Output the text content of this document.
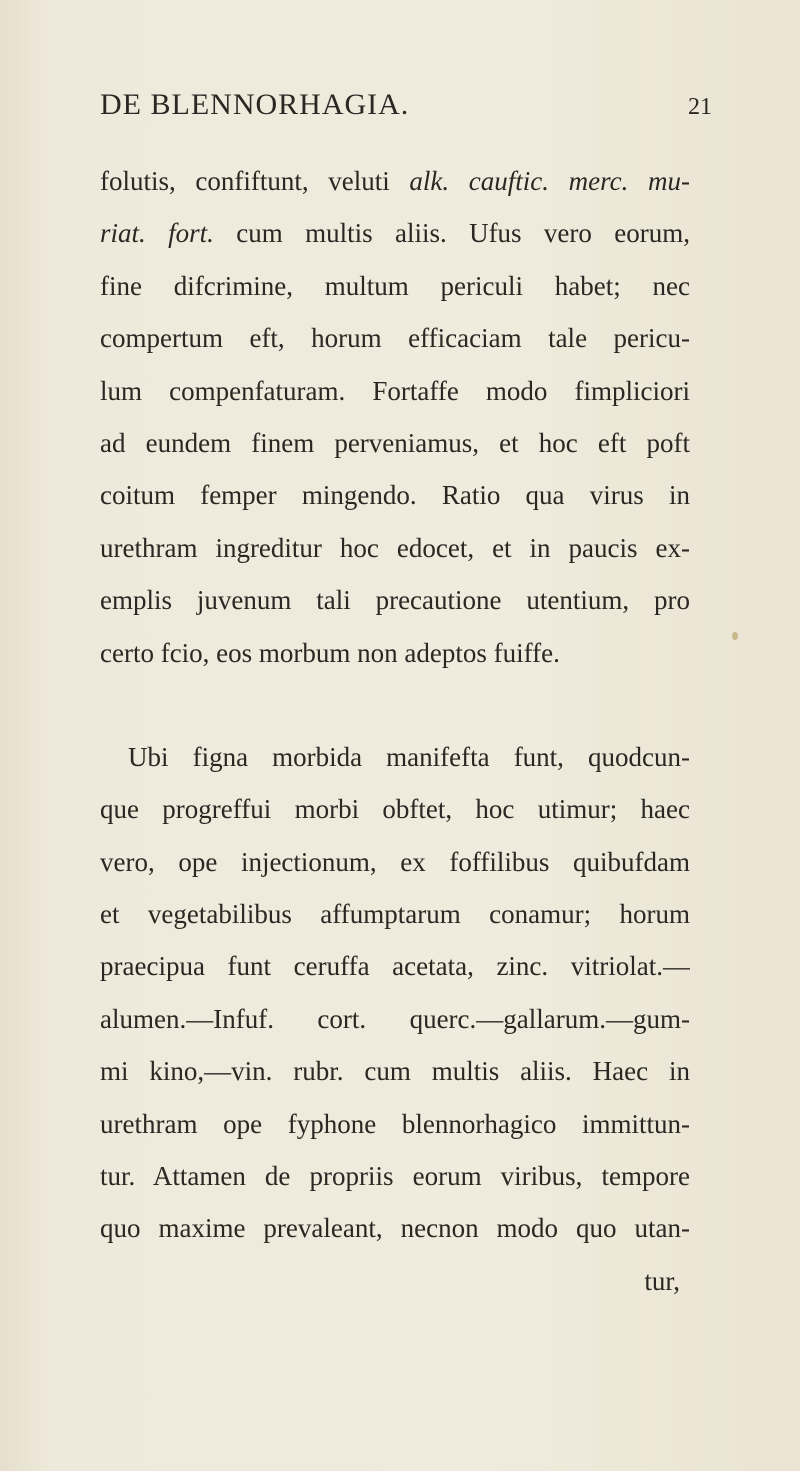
DE BLENNORHAGIA.	21
folutis, confiftunt, veluti alk. cauftic. merc. mu-
riat. fort. cum multis aliis. Ufus vero eorum,
fine difcrimine, multum periculi habet; nec
compertum eft, horum efficaciam tale pericu-
lum compenfaturam. Fortaffe modo fimpliciori
ad eundem finem perveniamus, et hoc eft poft
coitum femper mingendo. Ratio qua virus in
urethram ingreditur hoc edocet, et in paucis ex-
emplis juvenum tali precautione utentium, pro
certo fcio, eos morbum non adeptos fuiffe.
Ubi figna morbida manifefta funt, quodcun-
que progreffui morbi obftet, hoc utimur; haec
vero, ope injectionum, ex foffilibus quibufdam
et vegetabilibus affumptarum conamur; horum
praecipua funt ceruffa acetata, zinc. vitriolat.—
alumen.—Infuf. cort. querc.—gallarum.—gum-
mi kino,—vin. rubr. cum multis aliis. Haec in
urethram ope fyphone blennorhagico immittun-
tur. Attamen de propriis eorum viribus, tempore
quo maxime prevaleant, necnon modo quo utan-
tur,
